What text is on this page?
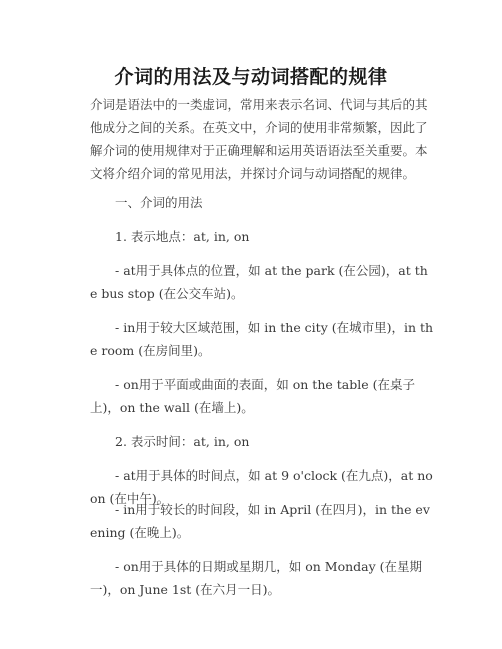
介词的用法及与动词搭配的规律
介词是语法中的一类虚词，常用来表示名词、代词与其后的其他成分之间的关系。在英文中，介词的使用非常频繁，因此了解介词的使用规律对于正确理解和运用英语语法至关重要。本文将介绍介词的常见用法，并探讨介词与动词搭配的规律。
一、介词的用法
1. 表示地点：at, in, on
- at用于具体点的位置，如 at the park (在公园)，at the bus stop (在公交车站)。
- in用于较大区域范围，如 in the city (在城市里)，in the room (在房间里)。
- on用于平面或曲面的表面，如 on the table (在桌子上)，on the wall (在墙上)。
2. 表示时间：at, in, on
- at用于具体的时间点，如 at 9 o'clock (在九点)，at noon (在中午)。
- in用于较长的时间段，如 in April (在四月)，in the evening (在晚上)。
- on用于具体的日期或星期几，如 on Monday (在星期一)，on June 1st (在六月一日)。
